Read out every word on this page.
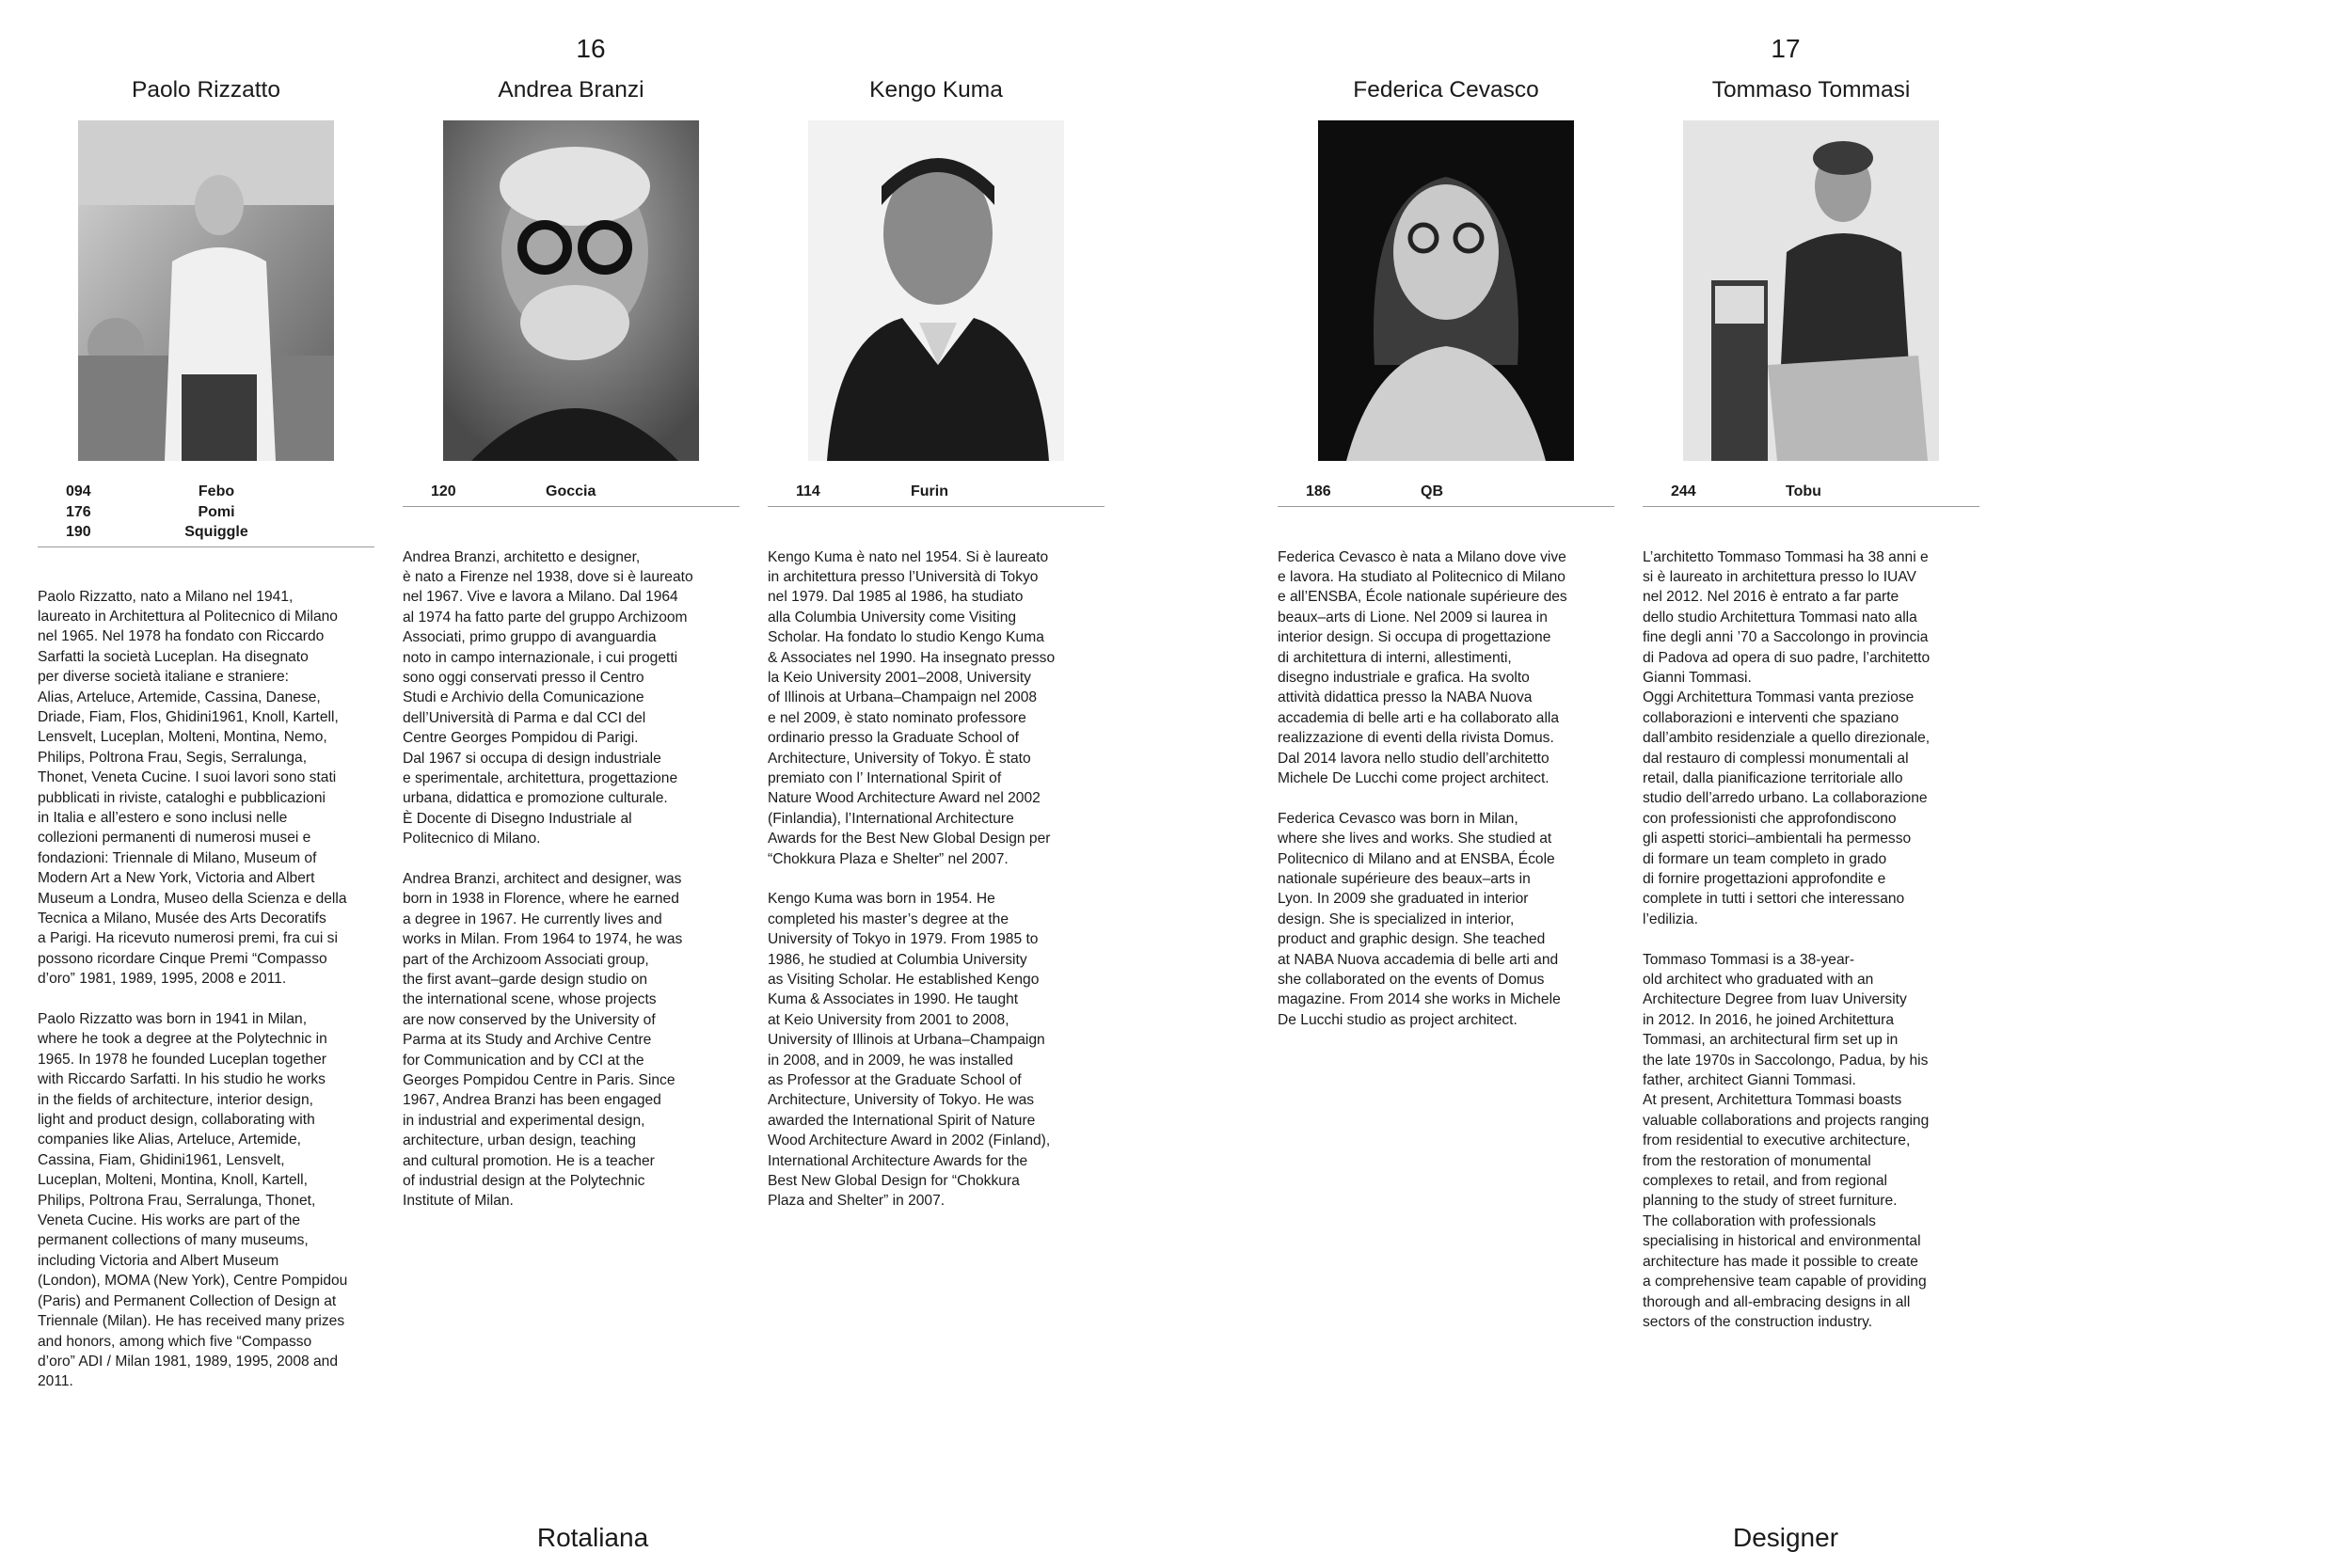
16	17
Paolo Rizzatto
094	Febo
176	Pomi
190	Squiggle

Paolo Rizzatto, nato a Milano nel 1941,
laureato in Architettura al Politecnico di Milano
nel 1965. Nel 1978 ha fondato con Riccardo
Sarfatti la società Luceplan. Ha disegnato
per diverse società italiane e straniere:
Alias, Arteluce, Artemide, Cassina, Danese,
Driade, Fiam, Flos, Ghidini1961, Knoll, Kartell,
Lensvelt, Luceplan, Molteni, Montina, Nemo,
Philips, Poltrona Frau, Segis, Serralunga,
Thonet, Veneta Cucine. I suoi lavori sono stati
pubblicati in riviste, cataloghi e pubblicazioni
in Italia e all’estero e sono inclusi nelle
collezioni permanenti di numerosi musei e
fondazioni: Triennale di Milano, Museum of
Modern Art a New York, Victoria and Albert
Museum a Londra, Museo della Scienza e della
Tecnica a Milano, Musée des Arts Decoratifs
a Parigi. Ha ricevuto numerosi premi, fra cui si
possono ricordare Cinque Premi “Compasso
d’oro” 1981, 1989, 1995, 2008 e 2011.

Paolo Rizzatto was born in 1941 in Milan,
where he took a degree at the Polytechnic in
1965. In 1978 he founded Luceplan together
with Riccardo Sarfatti. In his studio he works
in the fields of architecture, interior design,
light and product design, collaborating with
companies like Alias, Arteluce, Artemide,
Cassina, Fiam, Ghidini1961, Lensvelt,
Luceplan, Molteni, Montina, Knoll, Kartell,
Philips, Poltrona Frau, Serralunga, Thonet,
Veneta Cucine. His works are part of the
permanent collections of many museums,
including Victoria and Albert Museum
(London), MOMA (New York), Centre Pompidou
(Paris) and Permanent Collection of Design at
Triennale (Milan). He has received many prizes
and honors, among which five “Compasso
d’oro” ADI / Milan 1981, 1989, 1995, 2008 and
2011.

Andrea Branzi
120	Goccia

Andrea Branzi, architetto e designer,
è nato a Firenze nel 1938, dove si è laureato
nel 1967. Vive e lavora a Milano. Dal 1964
al 1974 ha fatto parte del gruppo Archizoom
Associati, primo gruppo di avanguardia
noto in campo internazionale, i cui progetti
sono oggi conservati presso il Centro
Studi e Archivio della Comunicazione
dell’Università di Parma e dal CCI del
Centre Georges Pompidou di Parigi.
Dal 1967 si occupa di design industriale
e sperimentale, architettura, progettazione
urbana, didattica e promozione culturale.
È Docente di Disegno Industriale al
Politecnico di Milano.

Andrea Branzi, architect and designer, was
born in 1938 in Florence, where he earned
a degree in 1967. He currently lives and
works in Milan. From 1964 to 1974, he was
part of the Archizoom Associati group,
the first avant–garde design studio on
the international scene, whose projects
are now conserved by the University of
Parma at its Study and Archive Centre
for Communication and by CCI at the
Georges Pompidou Centre in Paris. Since
1967, Andrea Branzi has been engaged
in industrial and experimental design,
architecture, urban design, teaching
and cultural promotion. He is a teacher
of industrial design at the Polytechnic
Institute of Milan.

Kengo Kuma
114	Furin

Kengo Kuma è nato nel 1954. Si è laureato
in architettura presso l’Università di Tokyo
nel 1979. Dal 1985 al 1986, ha studiato
alla Columbia University come Visiting
Scholar. Ha fondato lo studio Kengo Kuma
& Associates nel 1990. Ha insegnato presso
la Keio University 2001–2008, University
of Illinois at Urbana–Champaign nel 2008
e nel 2009, è stato nominato professore
ordinario presso la Graduate School of
Architecture, University of Tokyo. È stato
premiato con l’ International Spirit of
Nature Wood Architecture Award nel 2002
(Finlandia), l’International Architecture
Awards for the Best New Global Design per
“Chokkura Plaza e Shelter” nel 2007.

Kengo Kuma was born in 1954. He
completed his master’s degree at the
University of Tokyo in 1979. From 1985 to
1986, he studied at Columbia University
as Visiting Scholar. He established Kengo
Kuma & Associates in 1990. He taught
at Keio University from 2001 to 2008,
University of Illinois at Urbana–Champaign
in 2008, and in 2009, he was installed
as Professor at the Graduate School of
Architecture, University of Tokyo. He was
awarded the International Spirit of Nature
Wood Architecture Award in 2002 (Finland),
International Architecture Awards for the
Best New Global Design for “Chokkura
Plaza and Shelter” in 2007.

Federica Cevasco
186	QB

Federica Cevasco è nata a Milano dove vive
e lavora. Ha studiato al Politecnico di Milano
e all’ENSBA, École nationale supérieure des
beaux–arts di Lione. Nel 2009 si laurea in
interior design. Si occupa di progettazione
di architettura di interni, allestimenti,
disegno industriale e grafica. Ha svolto
attività didattica presso la NABA Nuova
accademia di belle arti e ha collaborato alla
realizzazione di eventi della rivista Domus.
Dal 2014 lavora nello studio dell’architetto
Michele De Lucchi come project architect.

Federica Cevasco was born in Milan,
where she lives and works. She studied at
Politecnico di Milano and at ENSBA, École
nationale supérieure des beaux–arts in
Lyon. In 2009 she graduated in interior
design. She is specialized in interior,
product and graphic design. She teached
at NABA Nuova accademia di belle arti and
she collaborated on the events of Domus
magazine. From 2014 she works in Michele
De Lucchi studio as project architect.

Tommaso Tommasi
244	Tobu

L’architetto Tommaso Tommasi ha 38 anni e
si è laureato in architettura presso lo IUAV
nel 2012. Nel 2016 è entrato a far parte
dello studio Architettura Tommasi nato alla
fine degli anni ’70 a Saccolongo in provincia
di Padova ad opera di suo padre, l’architetto
Gianni Tommasi.
Oggi Architettura Tommasi vanta preziose
collaborazioni e interventi che spaziano
dall’ambito residenziale a quello direzionale,
dal restauro di complessi monumentali al
retail, dalla pianificazione territoriale allo
studio dell’arredo urbano. La collaborazione
con professionisti che approfondiscono
gli aspetti storici–ambientali ha permesso
di formare un team completo in grado
di fornire progettazioni approfondite e
complete in tutti i settori che interessano
l’edilizia.

Tommaso Tommasi is a 38-year-
old architect who graduated with an
Architecture Degree from Iuav University
in 2012. In 2016, he joined Architettura
Tommasi, an architectural firm set up in
the late 1970s in Saccolongo, Padua, by his
father, architect Gianni Tommasi.
At present, Architettura Tommasi boasts
valuable collaborations and projects ranging
from residential to executive architecture,
from the restoration of monumental
complexes to retail, and from regional
planning to the study of street furniture.
The collaboration with professionals
specialising in historical and environmental
architecture has made it possible to create
a comprehensive team capable of providing
thorough and all-embracing designs in all
sectors of the construction industry.

Rotaliana	Designer
